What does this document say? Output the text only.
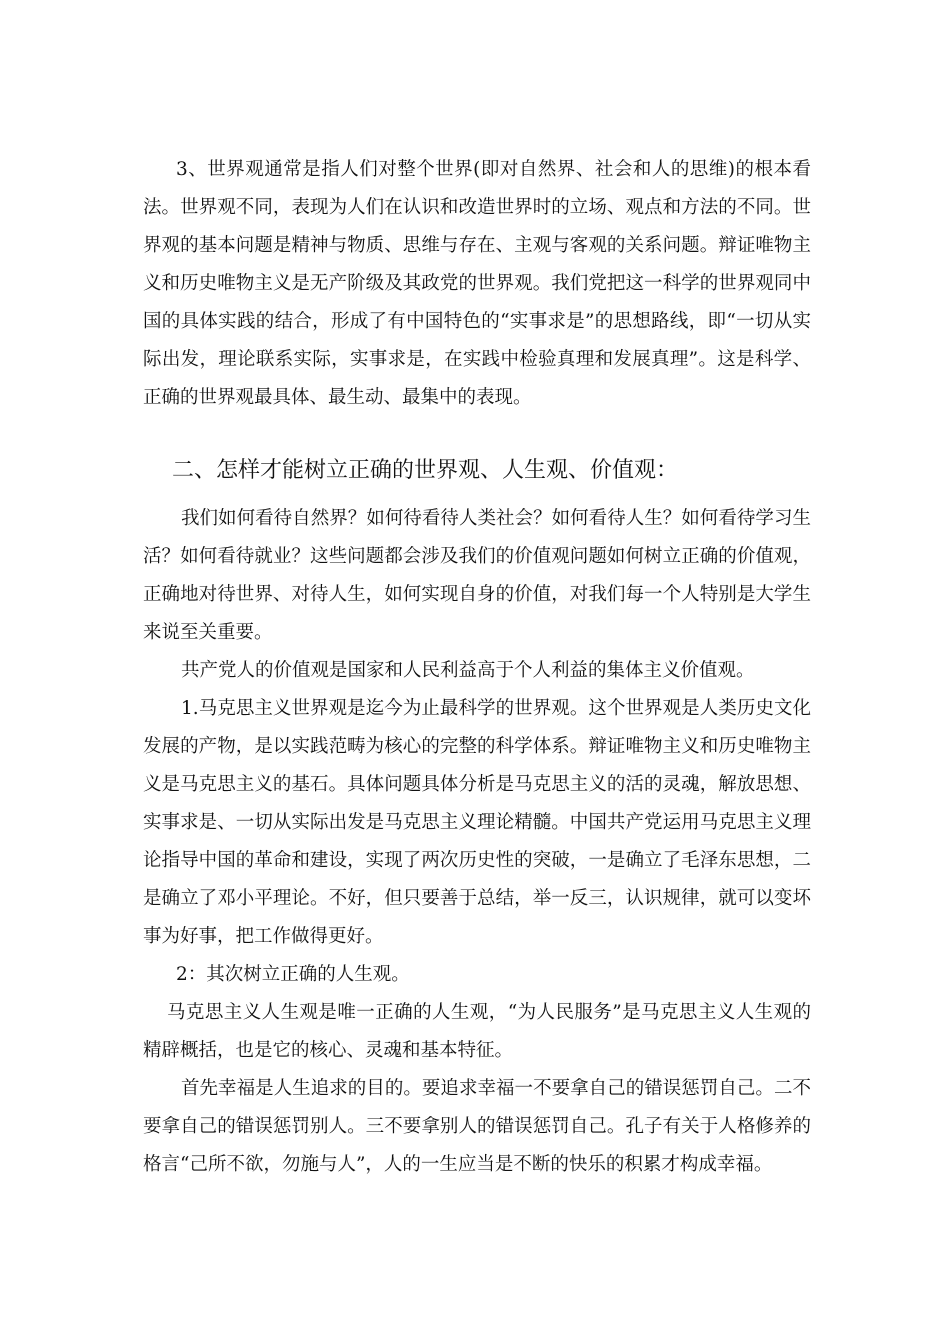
3、世界观通常是指人们对整个世界(即对自然界、社会和人的思维)的根本看法。世界观不同，表现为人们在认识和改造世界时的立场、观点和方法的不同。世界观的基本问题是精神与物质、思维与存在、主观与客观的关系问题。辩证唯物主义和历史唯物主义是无产阶级及其政党的世界观。我们党把这一科学的世界观同中国的具体实践的结合，形成了有中国特色的“实事求是”的思想路线，即“一切从实际出发，理论联系实际，实事求是，在实践中检验真理和发展真理”。这是科学、正确的世界观最具体、最生动、最集中的表现。

二、怎样才能树立正确的世界观、人生观、价值观：

我们如何看待自然界？如何待看待人类社会？如何看待人生？如何看待学习生活？如何看待就业？这些问题都会涉及我们的价值观问题如何树立正确的价值观，正确地对待世界、对待人生，如何实现自身的价值，对我们每一个人特别是大学生来说至关重要。

共产党人的价值观是国家和人民利益高于个人利益的集体主义价值观。

1.马克思主义世界观是迄今为止最科学的世界观。这个世界观是人类历史文化发展的产物，是以实践范畴为核心的完整的科学体系。辩证唯物主义和历史唯物主义是马克思主义的基石。具体问题具体分析是马克思主义的活的灵魂，解放思想、实事求是、一切从实际出发是马克思主义理论精髓。中国共产党运用马克思主义理论指导中国的革命和建设，实现了两次历史性的突破，一是确立了毛泽东思想，二是确立了邓小平理论。不好，但只要善于总结，举一反三，认识规律，就可以变坏事为好事，把工作做得更好。

2：其次树立正确的人生观。

马克思主义人生观是唯一正确的人生观，“为人民服务”是马克思主义人生观的精辟概括，也是它的核心、灵魂和基本特征。

首先幸福是人生追求的目的。要追求幸福一不要拿自己的错误惩罚自己。二不要拿自己的错误惩罚别人。三不要拿别人的错误惩罚自己。孔子有关于人格修养的格言“己所不欲，勿施与人”，人的一生应当是不断的快乐的积累才构成幸福。
